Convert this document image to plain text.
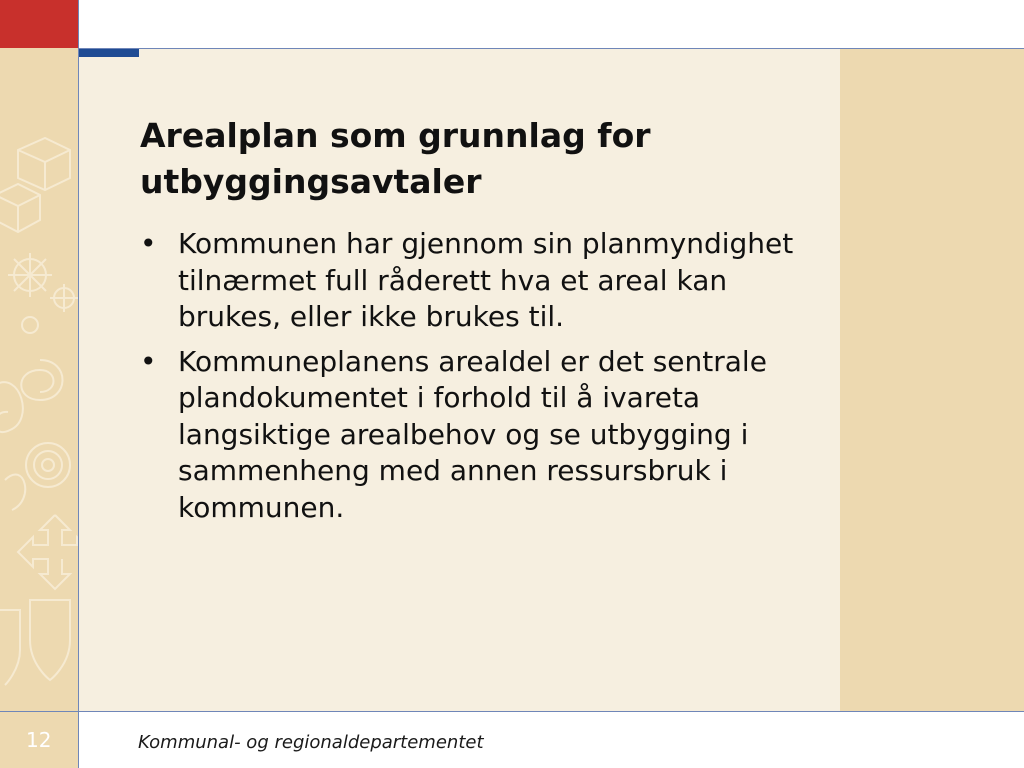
Arealplan som grunnlag for utbyggingsavtaler
• Kommunen har gjennom sin planmyndighet tilnærmet full råderett hva et areal kan brukes, eller ikke brukes til.
• Kommuneplanens arealdel er det sentrale plandokumentet i forhold til å ivareta langsiktige arealbehov og se utbygging i sammenheng med annen ressursbruk i kommunen.
12	Kommunal- og regionaldepartementet
